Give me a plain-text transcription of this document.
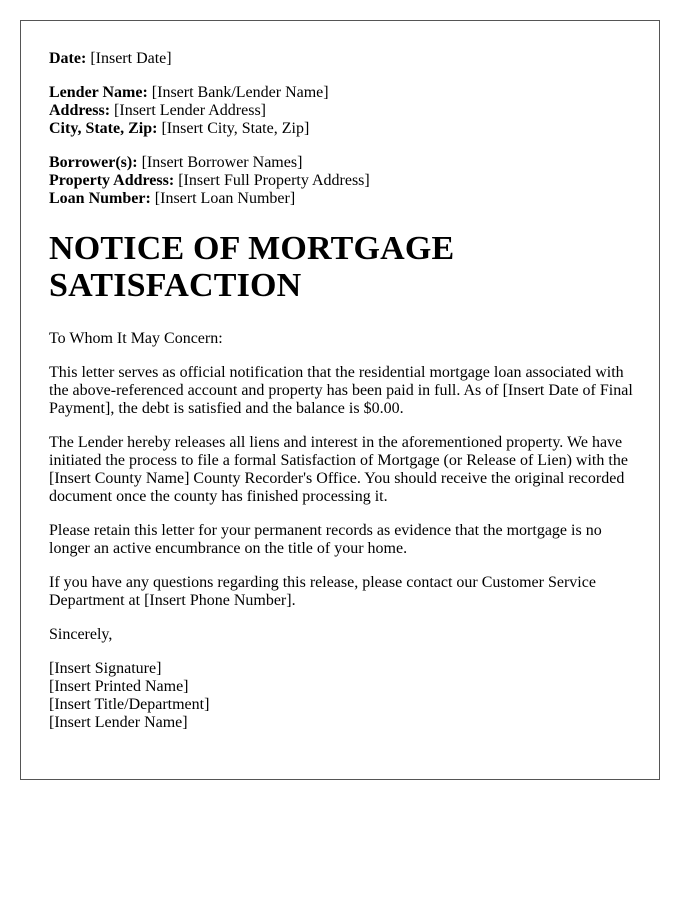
Date: [Insert Date]
Lender Name: [Insert Bank/Lender Name]
Address: [Insert Lender Address]
City, State, Zip: [Insert City, State, Zip]
Borrower(s): [Insert Borrower Names]
Property Address: [Insert Full Property Address]
Loan Number: [Insert Loan Number]
NOTICE OF MORTGAGE
SATISFACTION
To Whom It May Concern:
This letter serves as official notification that the residential mortgage loan associated with
the above-referenced account and property has been paid in full. As of [Insert Date of Final
Payment], the debt is satisfied and the balance is $0.00.
The Lender hereby releases all liens and interest in the aforementioned property. We have
initiated the process to file a formal Satisfaction of Mortgage (or Release of Lien) with the
[Insert County Name] County Recorder's Office. You should receive the original recorded
document once the county has finished processing it.
Please retain this letter for your permanent records as evidence that the mortgage is no
longer an active encumbrance on the title of your home.
If you have any questions regarding this release, please contact our Customer Service
Department at [Insert Phone Number].
Sincerely,
[Insert Signature]
[Insert Printed Name]
[Insert Title/Department]
[Insert Lender Name]
